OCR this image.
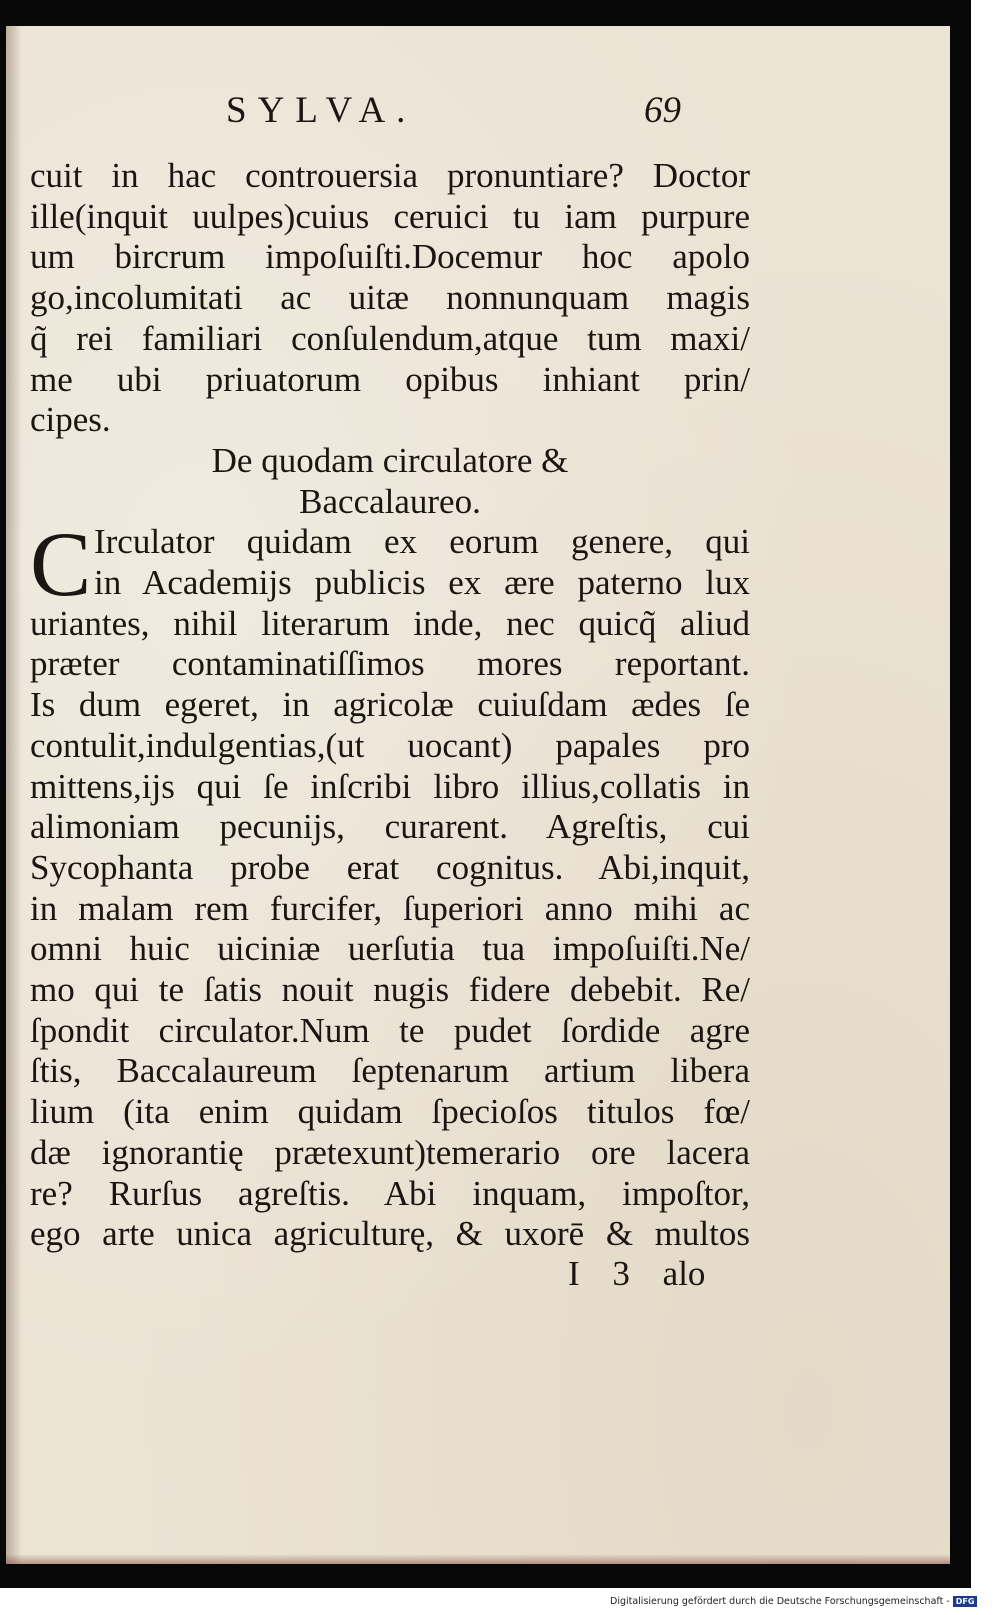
SYLVA.	69
cuit in hac controuersia pronuntiare? Doctor
ille(inquit uulpes)cuius ceruici tu iam purpure
um bircrum impoſuiſti.Docemur hoc apolo
go,incolumitati ac uitæ nonnunquam magis
q̃ rei familiari conſulendum,atque tum maxi/
me ubi priuatorum opibus inhiant prin/
cipes.
De quodam circulatore &
Baccalaureo.
C Irculator quidam ex eorum genere, qui
in Academijs publicis ex ære paterno lux
uriantes, nihil literarum inde, nec quicq̃ aliud
præter contaminatiſſimos mores reportant.
Is dum egeret, in agricolæ cuiuſdam ædes ſe
contulit,indulgentias,(ut uocant) papales pro
mittens,ijs qui ſe inſcribi libro illius,collatis in
alimoniam pecunijs, curarent. Agreſtis, cui
Sycophanta probe erat cognitus. Abi,inquit,
in malam rem furcifer, ſuperiori anno mihi ac
omni huic uiciniæ uerſutia tua impoſuiſti.Ne/
mo qui te ſatis nouit nugis fidere debebit. Re/
ſpondit circulator.Num te pudet ſordide agre
ſtis, Baccalaureum ſeptenarum artium libera
lium (ita enim quidam ſpecioſos titulos fœ/
dæ ignorantię prætexunt)temerario ore lacera
re? Rurſus agreſtis. Abi inquam, impoſtor,
ego arte unica agriculturę, & uxorē & multos
I 3 alo
Digitalisierung gefördert durch die Deutsche Forschungsgemeinschaft - DFG
